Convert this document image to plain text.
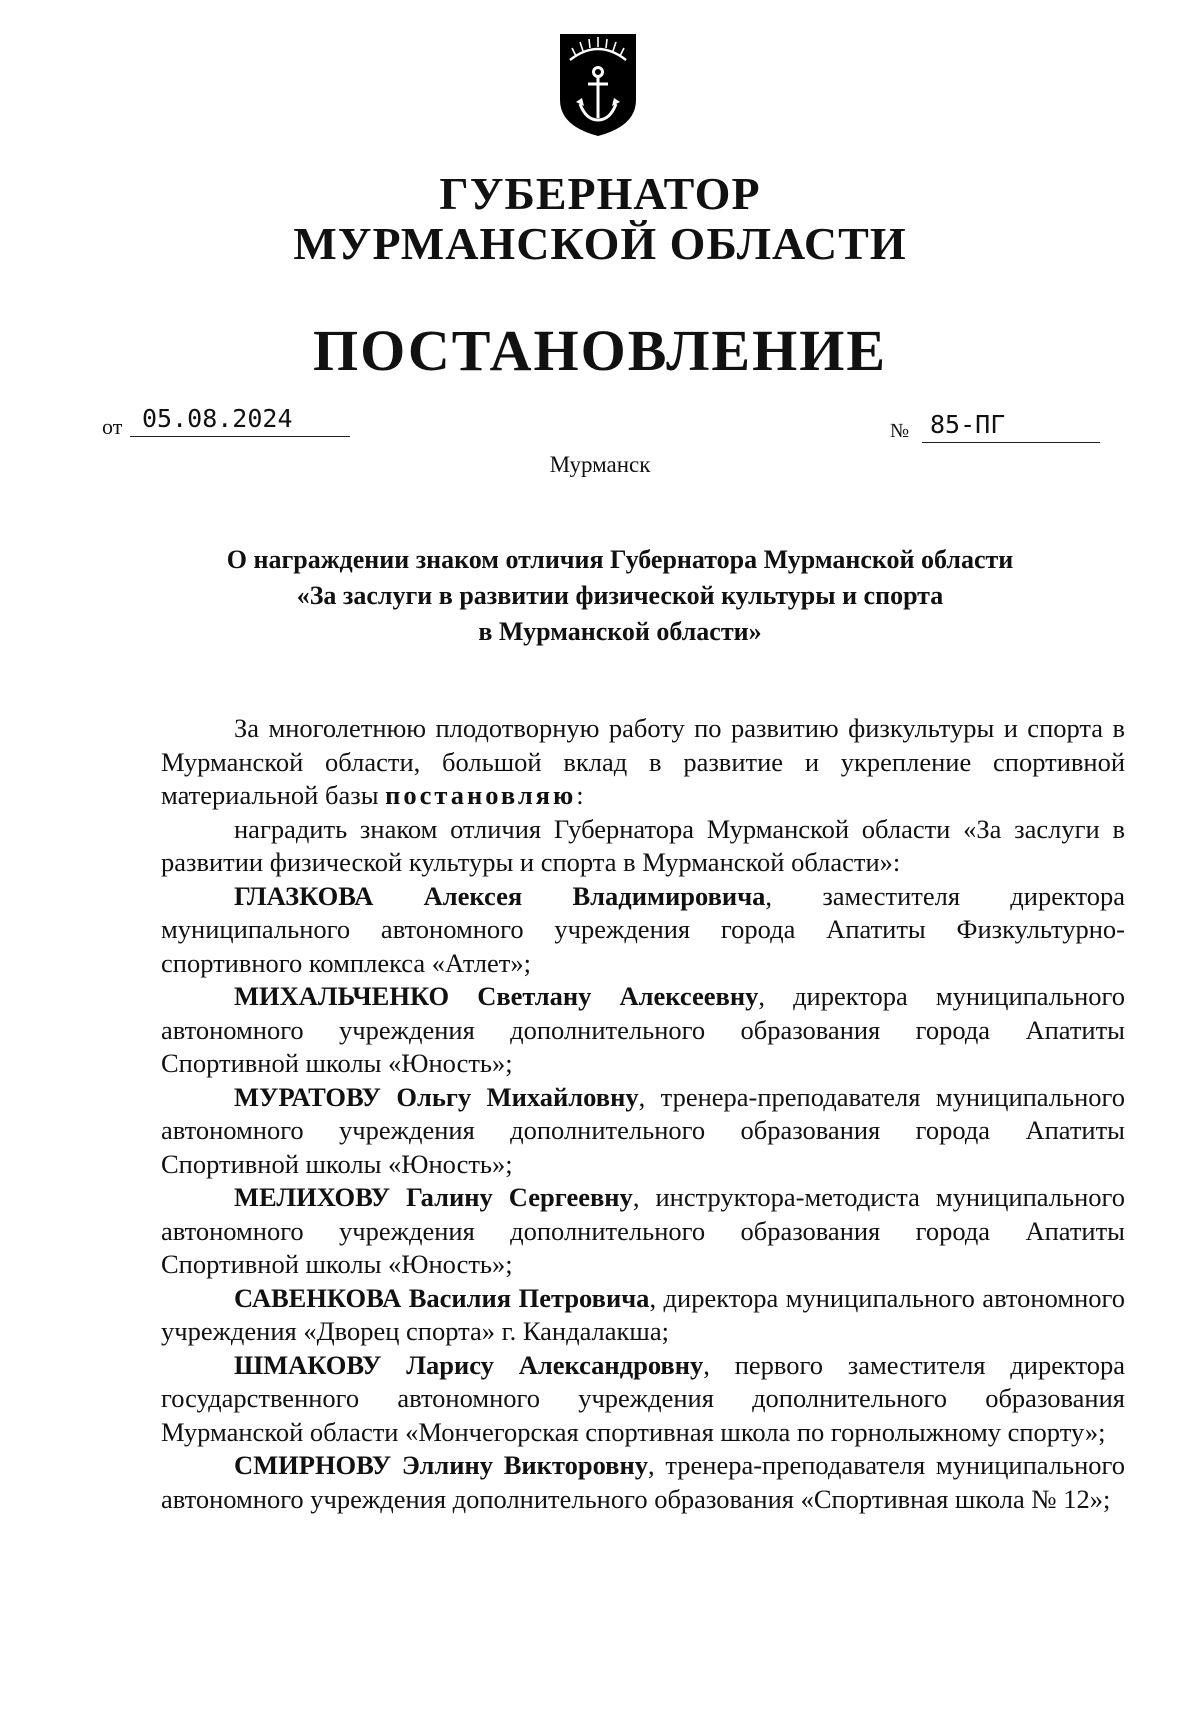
ГУБЕРНАТОР
МУРМАНСКОЙ ОБЛАСТИ
ПОСТАНОВЛЕНИЕ
от 05.08.2024	№ 85-ПГ
Мурманск
О награждении знаком отличия Губернатора Мурманской области
«За заслуги в развитии физической культуры и спорта
в Мурманской области»

За многолетнюю плодотворную работу по развитию физкультуры и спорта в Мурманской области, большой вклад в развитие и укрепление спортивной материальной базы постановляю:

наградить знаком отличия Губернатора Мурманской области «За заслуги в развитии физической культуры и спорта в Мурманской области»:

ГЛАЗКОВА Алексея Владимировича, заместителя директора муниципального автономного учреждения города Апатиты Физкультурно-спортивного комплекса «Атлет»;

МИХАЛЬЧЕНКО Светлану Алексеевну, директора муниципального автономного учреждения дополнительного образования города Апатиты Спортивной школы «Юность»;

МУРАТОВУ Ольгу Михайловну, тренера-преподавателя муниципального автономного учреждения дополнительного образования города Апатиты Спортивной школы «Юность»;

МЕЛИХОВУ Галину Сергеевну, инструктора-методиста муниципального автономного учреждения дополнительного образования города Апатиты Спортивной школы «Юность»;

САВЕНКОВА Василия Петровича, директора муниципального автономного учреждения «Дворец спорта» г. Кандалакша;

ШМАКОВУ Ларису Александровну, первого заместителя директора государственного автономного учреждения дополнительного образования Мурманской области «Мончегорская спортивная школа по горнолыжному спорту»;

СМИРНОВУ Эллину Викторовну, тренера-преподавателя муниципального автономного учреждения дополнительного образования «Спортивная школа № 12»;
